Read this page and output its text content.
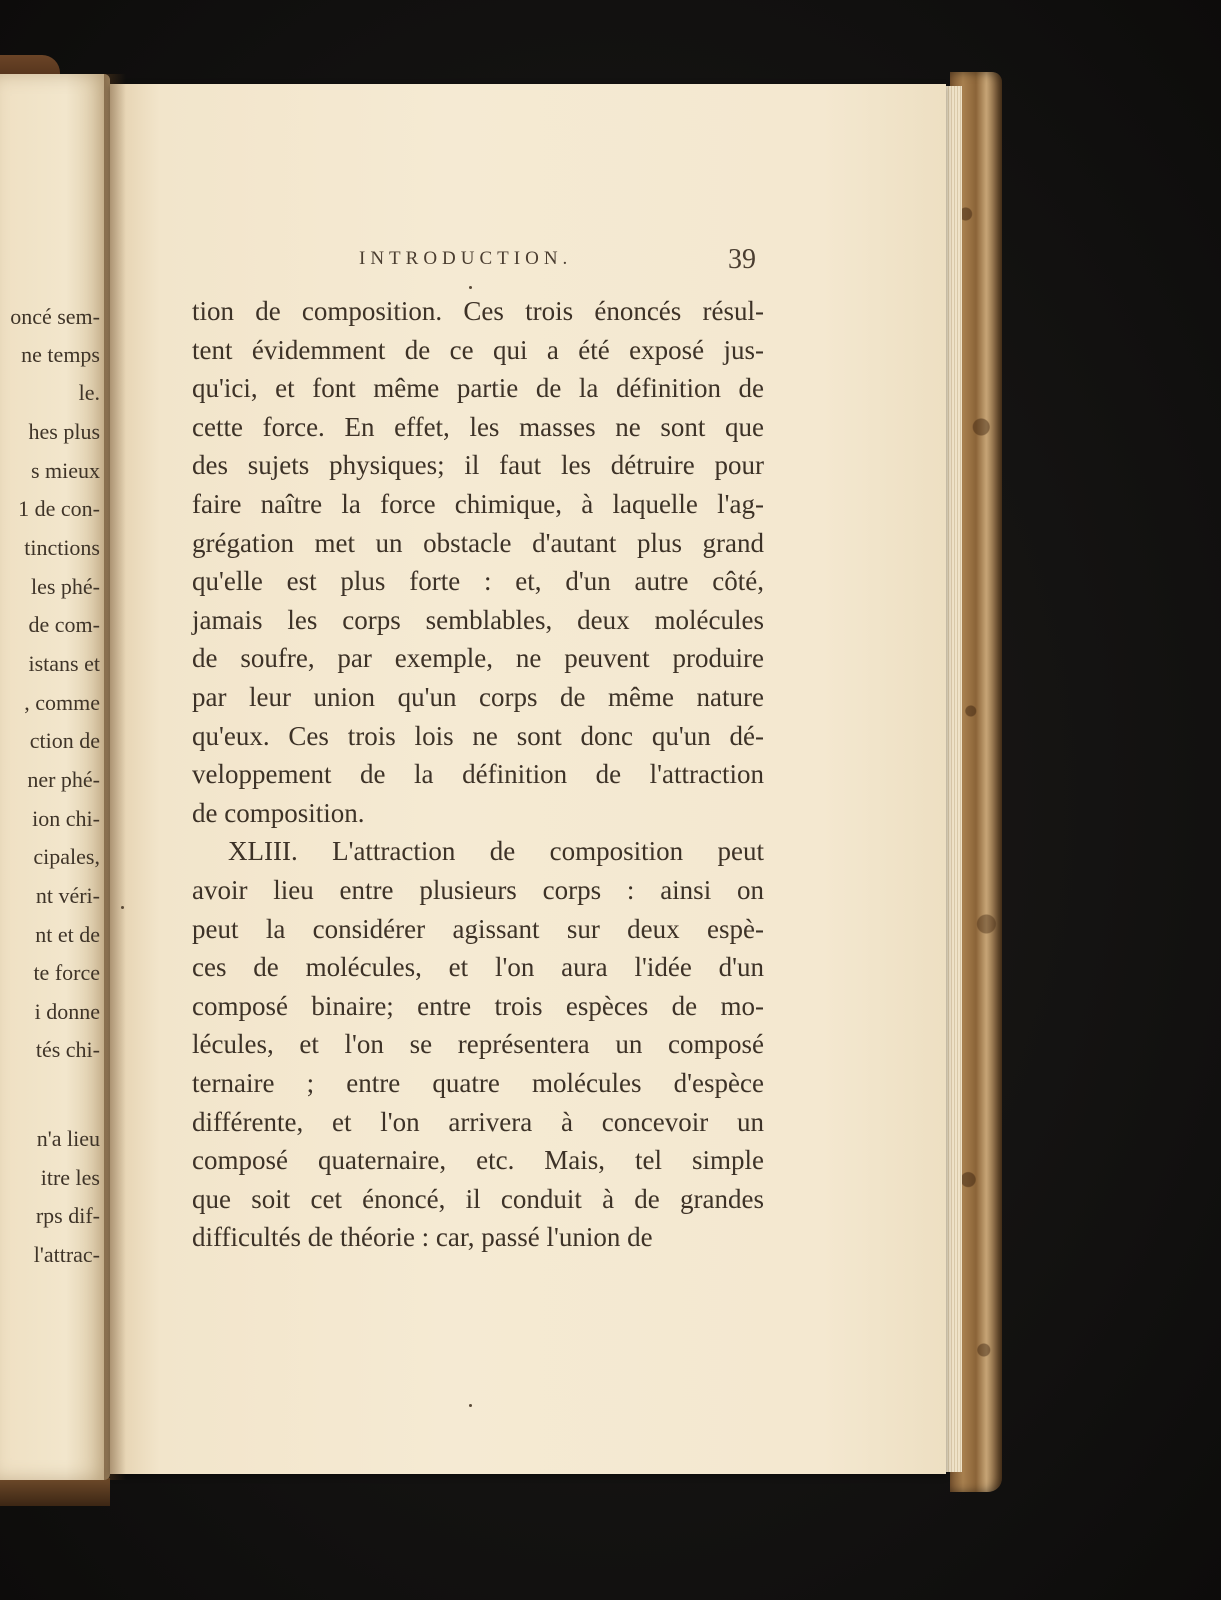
oncé sem-
ne temps
le.
hes plus
s mieux
1 de con-
tinctions
les phé-
de com-
istans et
, comme
ction de
ner phé-
ion chi-
cipales,
nt véri-
nt et de
te force
i donne
tés chi-
n'a lieu
itre les
rps dif-
l'attrac-
INTRODUCTION.	39
tion de composition. Ces trois énoncés résul-
tent évidemment de ce qui a été exposé jus-
qu'ici, et font même partie de la définition de
cette force. En effet, les masses ne sont que
des sujets physiques; il faut les détruire pour
faire naître la force chimique, à laquelle l'ag-
grégation met un obstacle d'autant plus grand
qu'elle est plus forte : et, d'un autre côté,
jamais les corps semblables, deux molécules
de soufre, par exemple, ne peuvent produire
par leur union qu'un corps de même nature
qu'eux. Ces trois lois ne sont donc qu'un dé-
veloppement de la définition de l'attraction
de composition.
XLIII. L'attraction de composition peut
avoir lieu entre plusieurs corps : ainsi on
peut la considérer agissant sur deux espè-
ces de molécules, et l'on aura l'idée d'un
composé binaire; entre trois espèces de mo-
lécules, et l'on se représentera un composé
ternaire ; entre quatre molécules d'espèce
différente, et l'on arrivera à concevoir un
composé quaternaire, etc. Mais, tel simple
que soit cet énoncé, il conduit à de grandes
difficultés de théorie : car, passé l'union de
